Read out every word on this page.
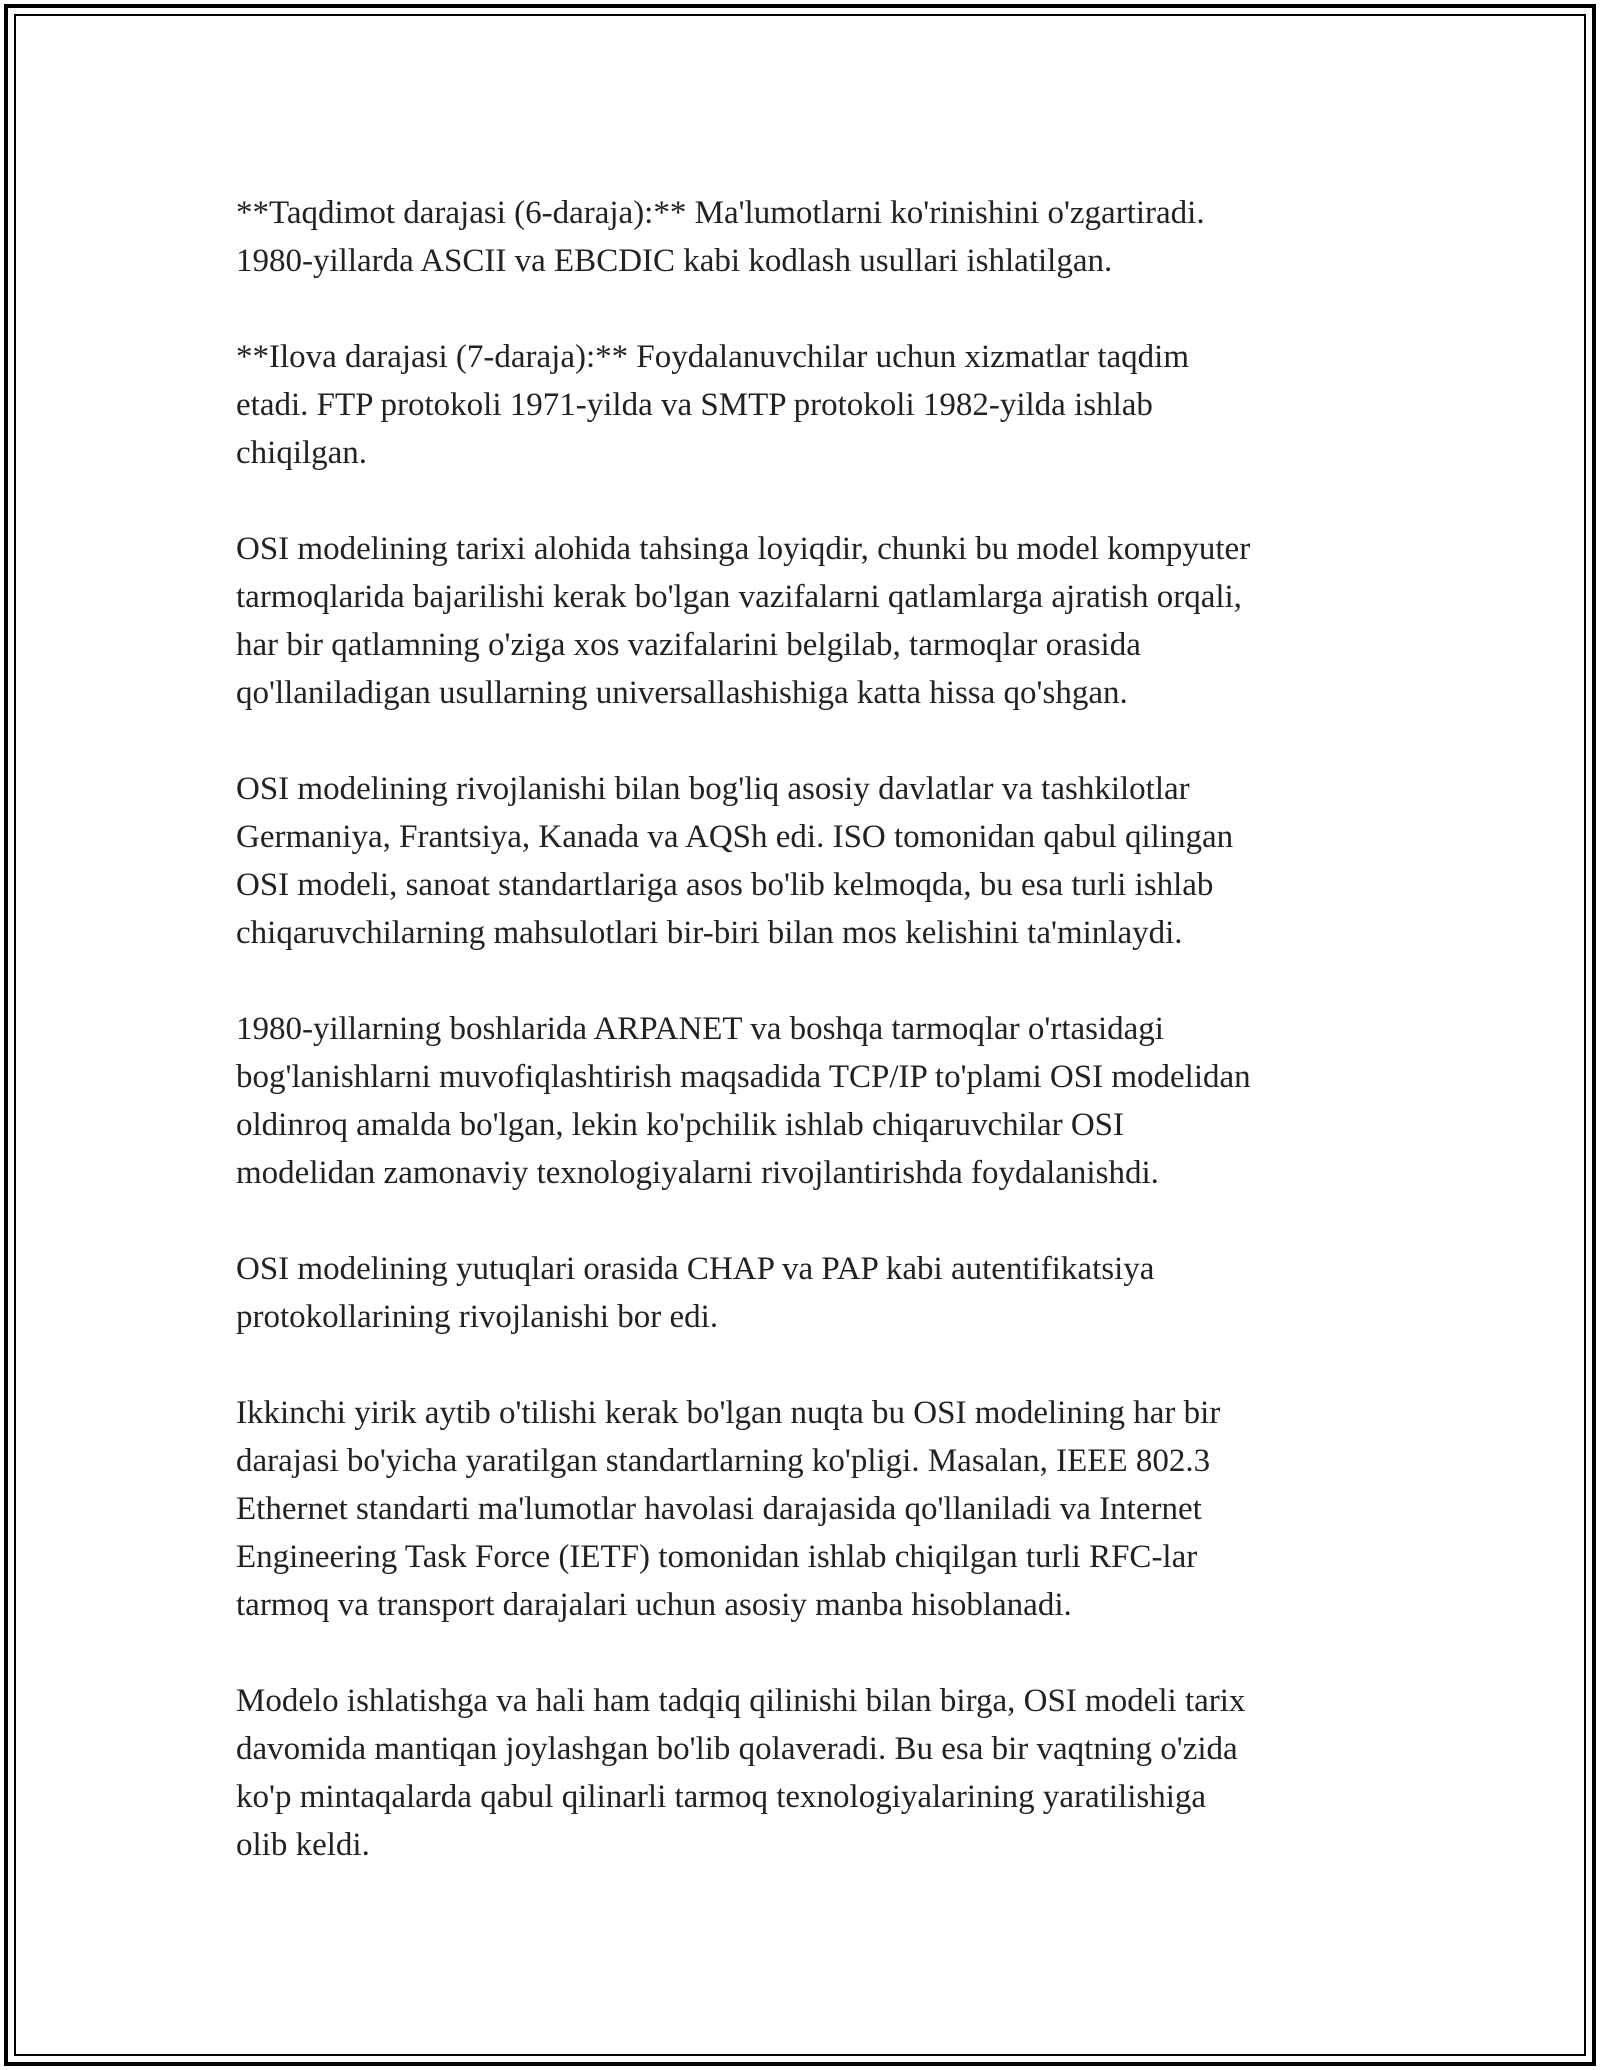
**Taqdimot darajasi (6-daraja):** Ma'lumotlarni ko'rinishini o'zgartiradi.
1980-yillarda ASCII va EBCDIC kabi kodlash usullari ishlatilgan.

**Ilova darajasi (7-daraja):** Foydalanuvchilar uchun xizmatlar taqdim
etadi. FTP protokoli 1971-yilda va SMTP protokoli 1982-yilda ishlab
chiqilgan.

OSI modelining tarixi alohida tahsinga loyiqdir, chunki bu model kompyuter
tarmoqlarida bajarilishi kerak bo'lgan vazifalarni qatlamlarga ajratish orqali,
har bir qatlamning o'ziga xos vazifalarini belgilab, tarmoqlar orasida
qo'llaniladigan usullarning universallashishiga katta hissa qo'shgan.

OSI modelining rivojlanishi bilan bog'liq asosiy davlatlar va tashkilotlar
Germaniya, Frantsiya, Kanada va AQSh edi. ISO tomonidan qabul qilingan
OSI modeli, sanoat standartlariga asos bo'lib kelmoqda, bu esa turli ishlab
chiqaruvchilarning mahsulotlari bir-biri bilan mos kelishini ta'minlaydi.

1980-yillarning boshlarida ARPANET va boshqa tarmoqlar o'rtasidagi
bog'lanishlarni muvofiqlashtirish maqsadida TCP/IP to'plami OSI modelidan
oldinroq amalda bo'lgan, lekin ko'pchilik ishlab chiqaruvchilar OSI
modelidan zamonaviy texnologiyalarni rivojlantirishda foydalanishdi.

OSI modelining yutuqlari orasida CHAP va PAP kabi autentifikatsiya
protokollarining rivojlanishi bor edi.

Ikkinchi yirik aytib o'tilishi kerak bo'lgan nuqta bu OSI modelining har bir
darajasi bo'yicha yaratilgan standartlarning ko'pligi. Masalan, IEEE 802.3
Ethernet standarti ma'lumotlar havolasi darajasida qo'llaniladi va Internet
Engineering Task Force (IETF) tomonidan ishlab chiqilgan turli RFC-lar
tarmoq va transport darajalari uchun asosiy manba hisoblanadi.

Modelo ishlatishga va hali ham tadqiq qilinishi bilan birga, OSI modeli tarix
davomida mantiqan joylashgan bo'lib qolaveradi. Bu esa bir vaqtning o'zida
ko'p mintaqalarda qabul qilinarli tarmoq texnologiyalarining yaratilishiga
olib keldi.
